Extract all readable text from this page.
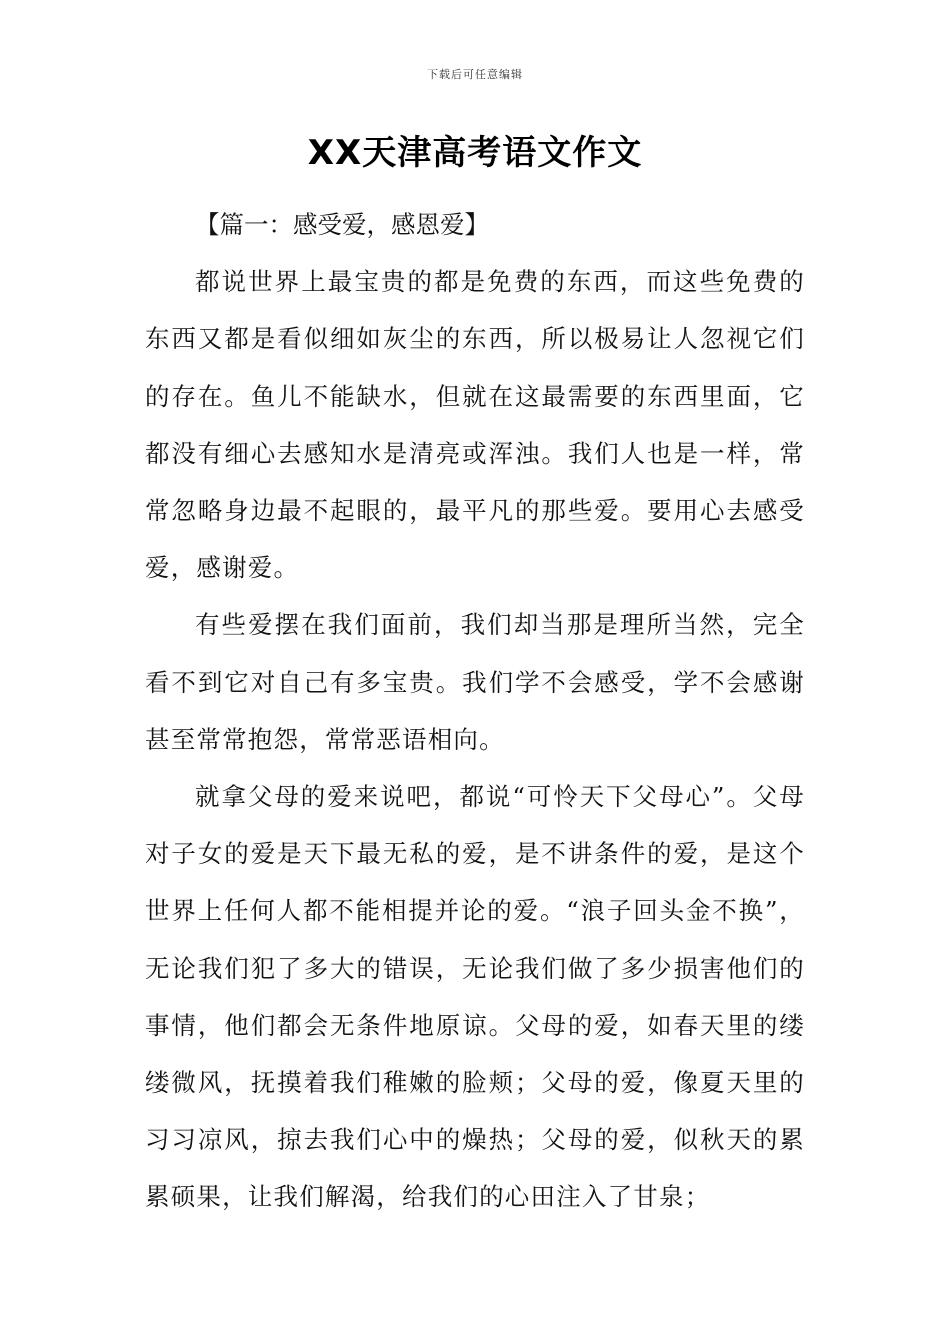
下载后可任意编辑
XX天津高考语文作文

【篇一：感受爱，感恩爱】

都说世界上最宝贵的都是免费的东西，而这些免费的东西又都是看似细如灰尘的东西，所以极易让人忽视它们的存在。鱼儿不能缺水，但就在这最需要的东西里面，它都没有细心去感知水是清亮或浑浊。我们人也是一样，常常忽略身边最不起眼的，最平凡的那些爱。要用心去感受爱，感谢爱。

有些爱摆在我们面前，我们却当那是理所当然，完全看不到它对自己有多宝贵。我们学不会感受，学不会感谢甚至常常抱怨，常常恶语相向。

就拿父母的爱来说吧，都说“可怜天下父母心”。父母对子女的爱是天下最无私的爱，是不讲条件的爱，是这个世界上任何人都不能相提并论的爱。“浪子回头金不换”，无论我们犯了多大的错误，无论我们做了多少损害他们的事情，他们都会无条件地原谅。父母的爱，如春天里的缕缕微风，抚摸着我们稚嫩的脸颊；父母的爱，像夏天里的习习凉风，掠去我们心中的燥热；父母的爱，似秋天的累累硕果，让我们解渴，给我们的心田注入了甘泉；
